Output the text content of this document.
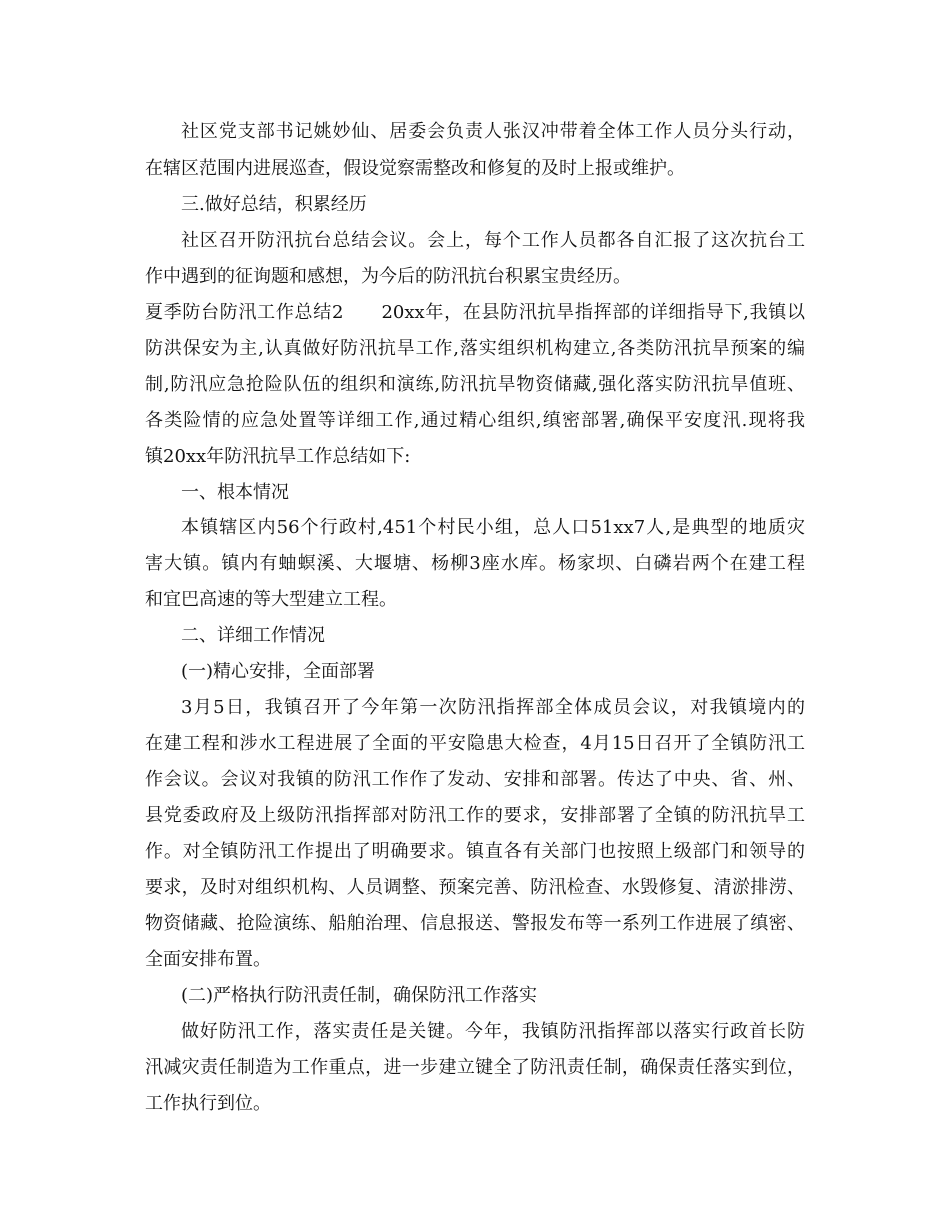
社区党支部书记姚妙仙、居委会负责人张汉冲带着全体工作人员分头行动，
在辖区范围内进展巡查，假设觉察需整改和修复的及时上报或维护。
三.做好总结，积累经历
社区召开防汛抗台总结会议。会上，每个工作人员都各自汇报了这次抗台工
作中遇到的征询题和感想，为今后的防汛抗台积累宝贵经历。
夏季防台防汛工作总结2　　20xx年，在县防汛抗旱指挥部的详细指导下,我镇以
防洪保安为主,认真做好防汛抗旱工作,落实组织机构建立,各类防汛抗旱预案的编
制,防汛应急抢险队伍的组织和演练,防汛抗旱物资储藏,强化落实防汛抗旱值班、
各类险情的应急处置等详细工作,通过精心组织,缜密部署,确保平安度汛.现将我
镇20xx年防汛抗旱工作总结如下:
一、根本情况
本镇辖区内56个行政村,451个村民小组，总人口51xx7人,是典型的地质灾
害大镇。镇内有蚰螟溪、大堰塘、杨柳3座水库。杨家坝、白磷岩两个在建工程
和宜巴高速的等大型建立工程。
二、详细工作情况
(一)精心安排，全面部署
3月5日，我镇召开了今年第一次防汛指挥部全体成员会议，对我镇境内的
在建工程和涉水工程进展了全面的平安隐患大检查，4月15日召开了全镇防汛工
作会议。会议对我镇的防汛工作作了发动、安排和部署。传达了中央、省、州、
县党委政府及上级防汛指挥部对防汛工作的要求，安排部署了全镇的防汛抗旱工
作。对全镇防汛工作提出了明确要求。镇直各有关部门也按照上级部门和领导的
要求，及时对组织机构、人员调整、预案完善、防汛检查、水毁修复、清淤排涝、
物资储藏、抢险演练、船舶治理、信息报送、警报发布等一系列工作进展了缜密、
全面安排布置。
(二)严格执行防汛责任制，确保防汛工作落实
做好防汛工作，落实责任是关键。今年，我镇防汛指挥部以落实行政首长防
汛减灾责任制造为工作重点，进一步建立键全了防汛责任制，确保责任落实到位，
工作执行到位。
